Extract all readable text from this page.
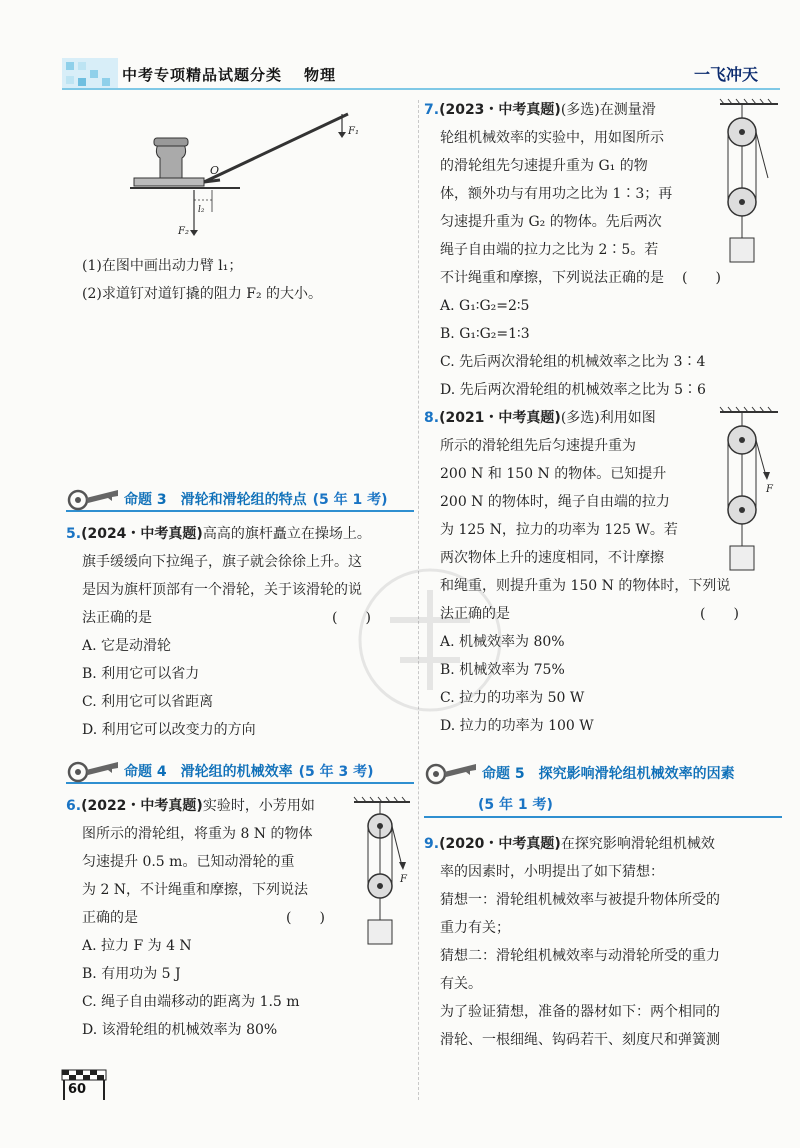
中考专项精品试题分类 物理	一飞冲天
F₁
O
F₂
l₂

(1)在图中画出动力臂 l₁；

(2)求道钉对道钉撬的阻力 F₂ 的大小。

命题 3　滑轮和滑轮组的特点 (5 年 1 考)

5.(2024・中考真题)高高的旗杆矗立在操场上。

旗手缓缓向下拉绳子，旗子就会徐徐上升。这

是因为旗杆顶部有一个滑轮，关于该滑轮的说

法正确的是	(　　)

A. 它是动滑轮

B. 利用它可以省力

C. 利用它可以省距离

D. 利用它可以改变力的方向

命题 4　滑轮组的机械效率 (5 年 3 考)

6.(2022・中考真题)实验时，小芳用如

图所示的滑轮组，将重为 8 N 的物体

匀速提升 0.5 m。已知动滑轮的重

为 2 N，不计绳重和摩擦，下列说法

正确的是	(　　)

A. 拉力 F 为 4 N

B. 有用功为 5 J

C. 绳子自由端移动的距离为 1.5 m

D. 该滑轮组的机械效率为 80%

F
60

7.(2023・中考真题)(多选)在测量滑

轮组机械效率的实验中，用如图所示

的滑轮组先匀速提升重为 G₁ 的物

体，额外功与有用功之比为 1∶3；再

匀速提升重为 G₂ 的物体。先后两次

绳子自由端的拉力之比为 2∶5。若

不计绳重和摩擦，下列说法正确的是 (　　)

A. G₁∶G₂=2∶5

B. G₁∶G₂=1∶3

C. 先后两次滑轮组的机械效率之比为 3∶4

D. 先后两次滑轮组的机械效率之比为 5∶6

8.(2021・中考真题)(多选)利用如图

所示的滑轮组先后匀速提升重为

200 N 和 150 N 的物体。已知提升

200 N 的物体时，绳子自由端的拉力

为 125 N，拉力的功率为 125 W。若

两次物体上升的速度相同，不计摩擦

和绳重，则提升重为 150 N 的物体时，下列说

法正确的是	(　　)

A. 机械效率为 80%

B. 机械效率为 75%

C. 拉力的功率为 50 W

D. 拉力的功率为 100 W

F
命题 5　探究影响滑轮组机械效率的因素
(5 年 1 考)

9.(2020・中考真题)在探究影响滑轮组机械效

率的因素时，小明提出了如下猜想：

猜想一：滑轮组机械效率与被提升物体所受的

重力有关；

猜想二：滑轮组机械效率与动滑轮所受的重力

有关。

为了验证猜想，准备的器材如下：两个相同的

滑轮、一根细绳、钩码若干、刻度尺和弹簧测
